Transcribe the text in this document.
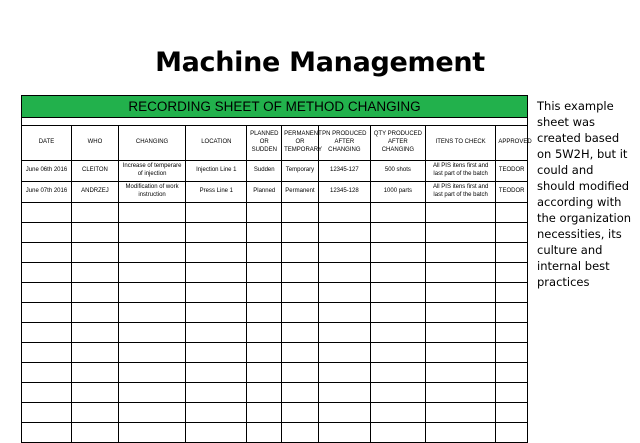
Machine Management
RECORDING SHEET OF METHOD CHANGING									

DATE	WHO	CHANGING	LOCATION	PLANNED OR SUDDEN	PERMANENT OR TEMPORARY	PN PRODUCED AFTER CHANGING	QTY PRODUCED AFTER CHANGING	ITENS TO CHECK	APPROVED
June 06th 2016	CLEITON	Increase of temperare of injection	Injection Line 1	Sudden	Temporary	12345-127	500 shots	All PIS itens first and last part of the batch	TEODOR
June 07th 2016	ANDRZEJ	Modification of work instruction	Press Line 1	Planned	Permanent	12345-128	1000 parts	All PIS itens first and last part of the batch	TEODOR

This example sheet was created based on 5W2H, but it could and should modified according with the organization necessities, its culture and internal best practices
